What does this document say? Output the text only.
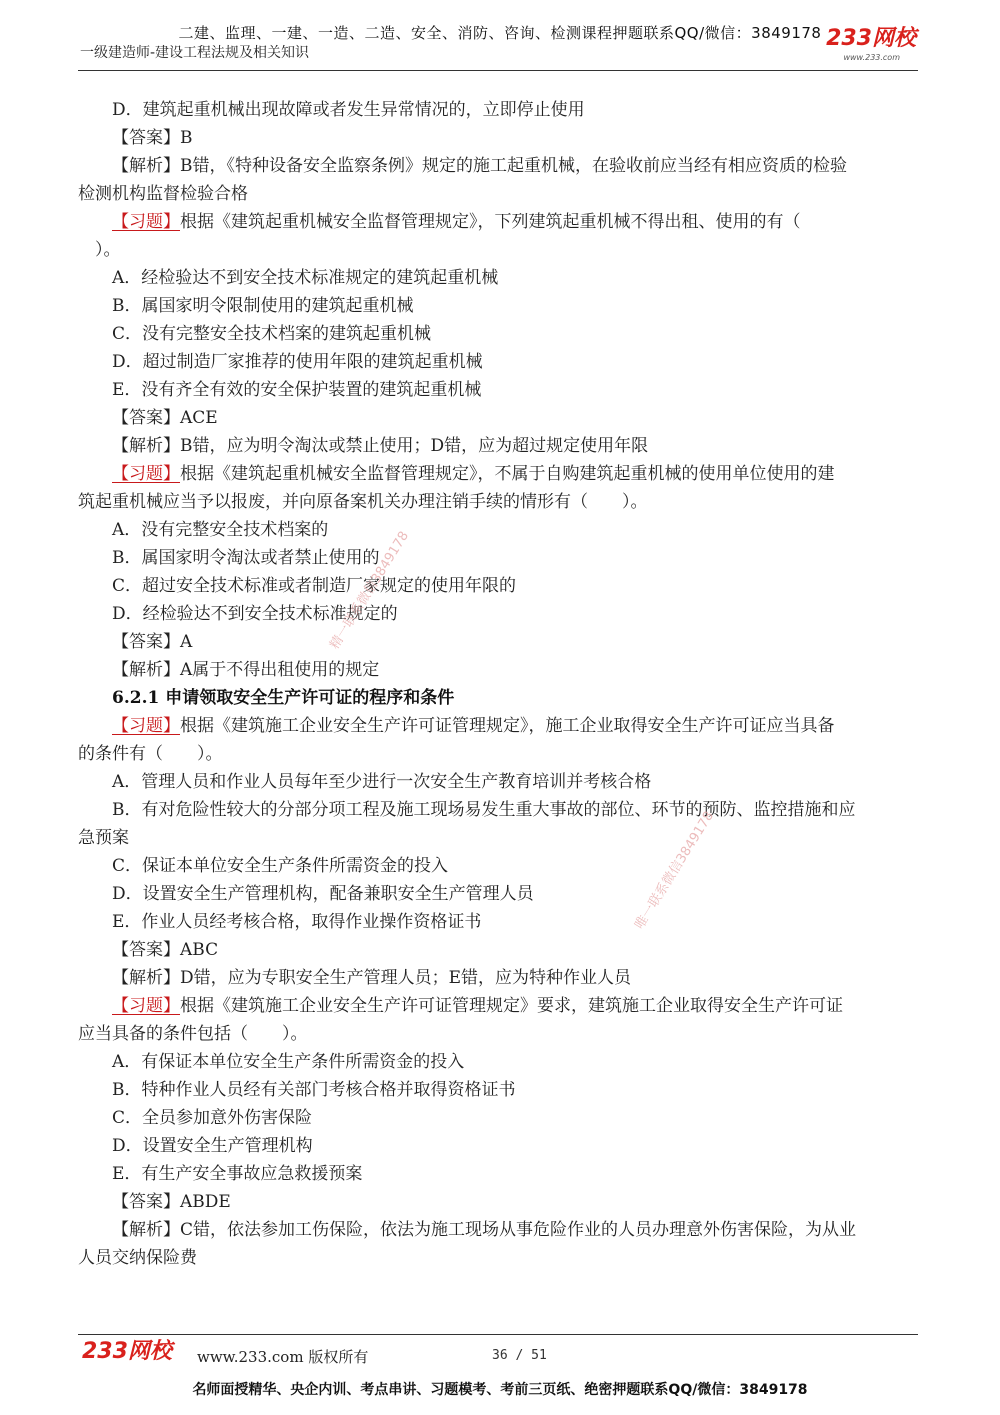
二建、监理、一建、一造、二造、安全、消防、咨询、检测课程押题联系QQ/微信：3849178
一级建造师-建设工程法规及相关知识
233网校
www.233.com
D．建筑起重机械出现故障或者发生异常情况的，立即停止使用
【答案】B
【解析】B错，《特种设备安全监察条例》规定的施工起重机械，在验收前应当经有相应资质的检验
检测机构监督检验合格
【习题】根据《建筑起重机械安全监督管理规定》，下列建筑起重机械不得出租、使用的有（
　）。
A．经检验达不到安全技术标准规定的建筑起重机械
B．属国家明令限制使用的建筑起重机械
C．没有完整安全技术档案的建筑起重机械
D．超过制造厂家推荐的使用年限的建筑起重机械
E．没有齐全有效的安全保护装置的建筑起重机械
【答案】ACE
【解析】B错，应为明令淘汰或禁止使用；D错，应为超过规定使用年限
【习题】根据《建筑起重机械安全监督管理规定》，不属于自购建筑起重机械的使用单位使用的建
筑起重机械应当予以报废，并向原备案机关办理注销手续的情形有（　　）。
A．没有完整安全技术档案的
B．属国家明令淘汰或者禁止使用的
C．超过安全技术标准或者制造厂家规定的使用年限的
D．经检验达不到安全技术标准规定的
【答案】A
【解析】A属于不得出租使用的规定
6.2.1 申请领取安全生产许可证的程序和条件
【习题】根据《建筑施工企业安全生产许可证管理规定》，施工企业取得安全生产许可证应当具备
的条件有（　　）。
A．管理人员和作业人员每年至少进行一次安全生产教育培训并考核合格
B．有对危险性较大的分部分项工程及施工现场易发生重大事故的部位、环节的预防、监控措施和应
急预案
C．保证本单位安全生产条件所需资金的投入
D．设置安全生产管理机构，配备兼职安全生产管理人员
E．作业人员经考核合格，取得作业操作资格证书
【答案】ABC
【解析】D错，应为专职安全生产管理人员；E错，应为特种作业人员
【习题】根据《建筑施工企业安全生产许可证管理规定》要求，建筑施工企业取得安全生产许可证
应当具备的条件包括（　　）。
A．有保证本单位安全生产条件所需资金的投入
B．特种作业人员经有关部门考核合格并取得资格证书
C．全员参加意外伤害保险
D．设置安全生产管理机构
E．有生产安全事故应急救援预案
【答案】ABDE
【解析】C错，依法参加工伤保险，依法为施工现场从事危险作业的人员办理意外伤害保险，为从业
人员交纳保险费
精一联系微信3849178
唯一联系微信3849178
233网校 www.233.com 版权所有	36 / 51
名师面授精华、央企内训、考点串讲、习题模考、考前三页纸、绝密押题联系QQ/微信：3849178
